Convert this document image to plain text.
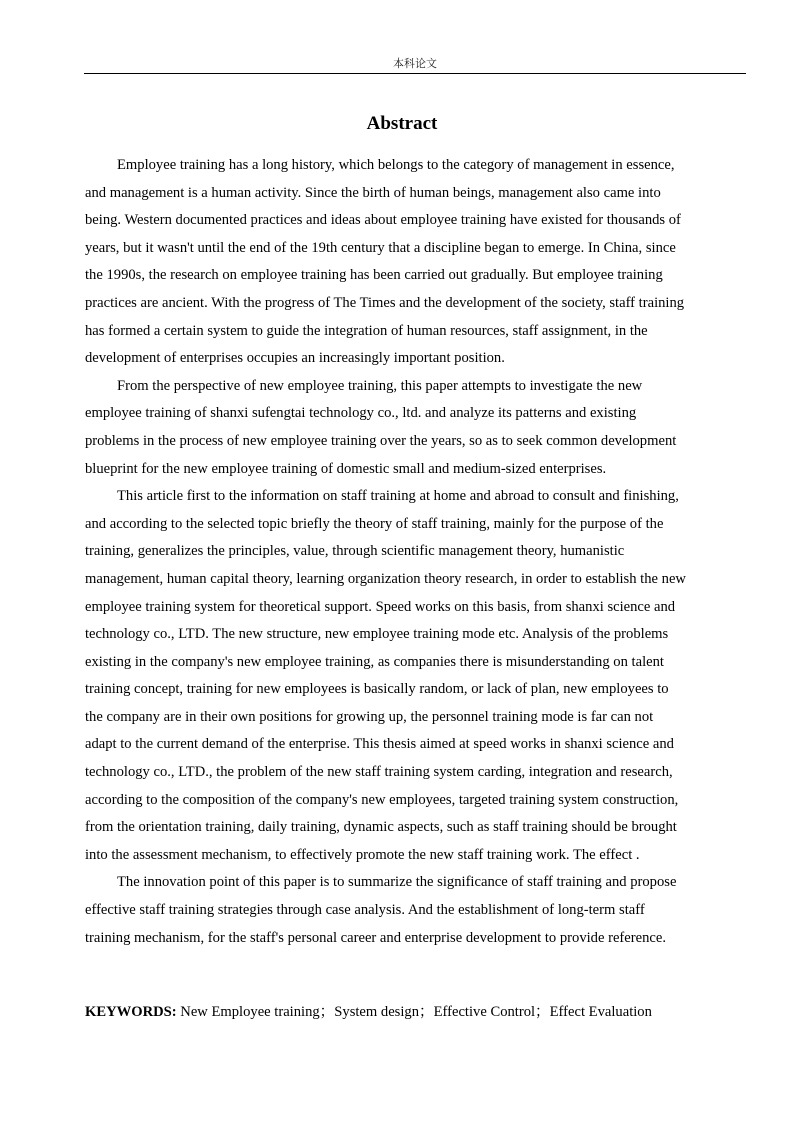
本科论文
Abstract

Employee training has a long history, which belongs to the category of management in essence,
and management is a human activity. Since the birth of human beings, management also came into
being. Western documented practices and ideas about employee training have existed for thousands of
years, but it wasn't until the end of the 19th century that a discipline began to emerge. In China, since
the 1990s, the research on employee training has been carried out gradually. But employee training
practices are ancient. With the progress of The Times and the development of the society, staff training
has formed a certain system to guide the integration of human resources, staff assignment, in the
development of enterprises occupies an increasingly important position.

From the perspective of new employee training, this paper attempts to investigate the new
employee training of shanxi sufengtai technology co., ltd. and analyze its patterns and existing
problems in the process of new employee training over the years, so as to seek common development
blueprint for the new employee training of domestic small and medium-sized enterprises.

This article first to the information on staff training at home and abroad to consult and finishing,
and according to the selected topic briefly the theory of staff training, mainly for the purpose of the
training, generalizes the principles, value, through scientific management theory, humanistic
management, human capital theory, learning organization theory research, in order to establish the new
employee training system for theoretical support. Speed works on this basis, from shanxi science and
technology co., LTD. The new structure, new employee training mode etc. Analysis of the problems
existing in the company's new employee training, as companies there is misunderstanding on talent
training concept, training for new employees is basically random, or lack of plan, new employees to
the company are in their own positions for growing up, the personnel training mode is far can not
adapt to the current demand of the enterprise. This thesis aimed at speed works in shanxi science and
technology co., LTD., the problem of the new staff training system carding, integration and research,
according to the composition of the company's new employees, targeted training system construction,
from the orientation training, daily training, dynamic aspects, such as staff training should be brought
into the assessment mechanism, to effectively promote the new staff training work. The effect .

The innovation point of this paper is to summarize the significance of staff training and propose
effective staff training strategies through case analysis. And the establishment of long-term staff
training mechanism, for the staff's personal career and enterprise development to provide reference.

KEYWORDS: New Employee training；System design；Effective Control；Effect Evaluation
